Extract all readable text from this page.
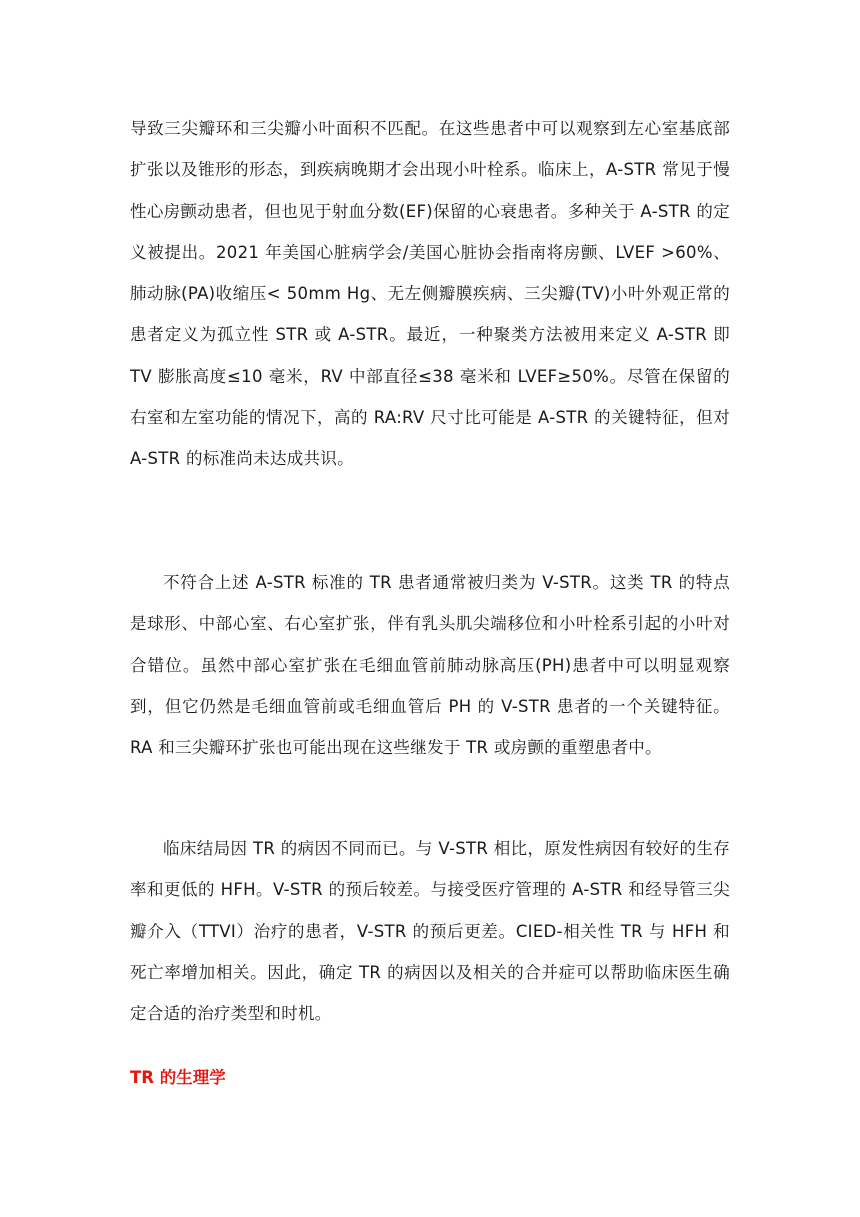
导致三尖瓣环和三尖瓣小叶面积不匹配。在这些患者中可以观察到左心室基底部扩张以及锥形的形态，到疾病晚期才会出现小叶栓系。临床上，A-STR 常见于慢性心房颤动患者，但也见于射血分数(EF)保留的心衰患者。多种关于 A-STR 的定义被提出。2021 年美国心脏病学会/美国心脏协会指南将房颤、LVEF >60%、肺动脉(PA)收缩压< 50mm Hg、无左侧瓣膜疾病、三尖瓣(TV)小叶外观正常的患者定义为孤立性 STR 或 A-STR。最近，一种聚类方法被用来定义 A-STR 即 TV 膨胀高度≤10 毫米，RV 中部直径≤38 毫米和 LVEF≥50%。尽管在保留的右室和左室功能的情况下，高的 RA:RV 尺寸比可能是 A-STR 的关键特征，但对 A-STR 的标准尚未达成共识。

不符合上述 A-STR 标准的 TR 患者通常被归类为 V-STR。这类 TR 的特点是球形、中部心室、右心室扩张，伴有乳头肌尖端移位和小叶栓系引起的小叶对合错位。虽然中部心室扩张在毛细血管前肺动脉高压(PH)患者中可以明显观察到，但它仍然是毛细血管前或毛细血管后 PH 的 V-STR 患者的一个关键特征。RA 和三尖瓣环扩张也可能出现在这些继发于 TR 或房颤的重塑患者中。

临床结局因 TR 的病因不同而已。与 V-STR 相比，原发性病因有较好的生存率和更低的 HFH。V-STR 的预后较差。与接受医疗管理的 A-STR 和经导管三尖瓣介入（TTVI）治疗的患者，V-STR 的预后更差。CIED-相关性 TR 与 HFH 和死亡率增加相关。因此，确定 TR 的病因以及相关的合并症可以帮助临床医生确定合适的治疗类型和时机。

TR 的生理学
